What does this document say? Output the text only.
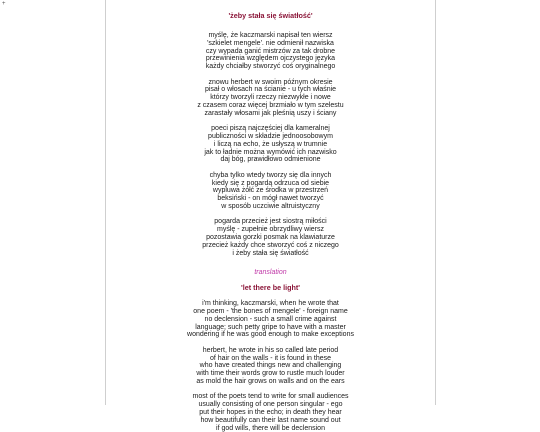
+
'żeby stała się światłość'
myślę, że kaczmarski napisał ten wiersz
'szkielet mengele'. nie odmienił nazwiska
czy wypada ganić mistrzów za tak drobne
przewinienia względem ojczystego języka
każdy chciałby stworzyć coś oryginalnego
znowu herbert w swoim późnym okresie
pisał o włosach na ścianie - u tych właśnie
którzy tworzyli rzeczy niezwykłe i nowe
z czasem coraz więcej brzmiało w tym szelestu
zarastały włosami jak pleśnią uszy i ściany
poeci piszą najczęściej dla kameralnej
publiczności w składzie jednoosobowym
i liczą na echo, że usłyszą w trumnie
jak to ładnie można wymówić ich nazwisko
daj bóg, prawidłowo odmienione
chyba tylko wtedy tworzy się dla innych
kiedy się z pogardą odrzuca od siebie
wypluwa żółć ze środka w przestrzeń
beksiński - on mógł nawet tworzyć
w sposób uczciwie altruistyczny
pogarda przecież jest siostrą miłości
myślę - zupełnie obrzydliwy wiersz
pozostawia gorzki posmak na klawiaturze
przecież każdy chce stworzyć coś z niczego
i żeby stała się światłość
translation
'let there be light'
i'm thinking, kaczmarski, when he wrote that
one poem - 'the bones of mengele' - foreign name
no declension - such a small crime against
language; such petty gripe to have with a master
wondering if he was good enough to make exceptions
herbert, he wrote in his so called late period
of hair on the walls - it is found in these
who have created things new and challenging
with time their words grow to rustle much louder
as mold the hair grows on walls and on the ears
most of the poets tend to write for small audiences
usually consisting of one person singular - ego
put their hopes in the echo; in death they hear
how beautifully can their last name sound out
if god wills, there will be declension
